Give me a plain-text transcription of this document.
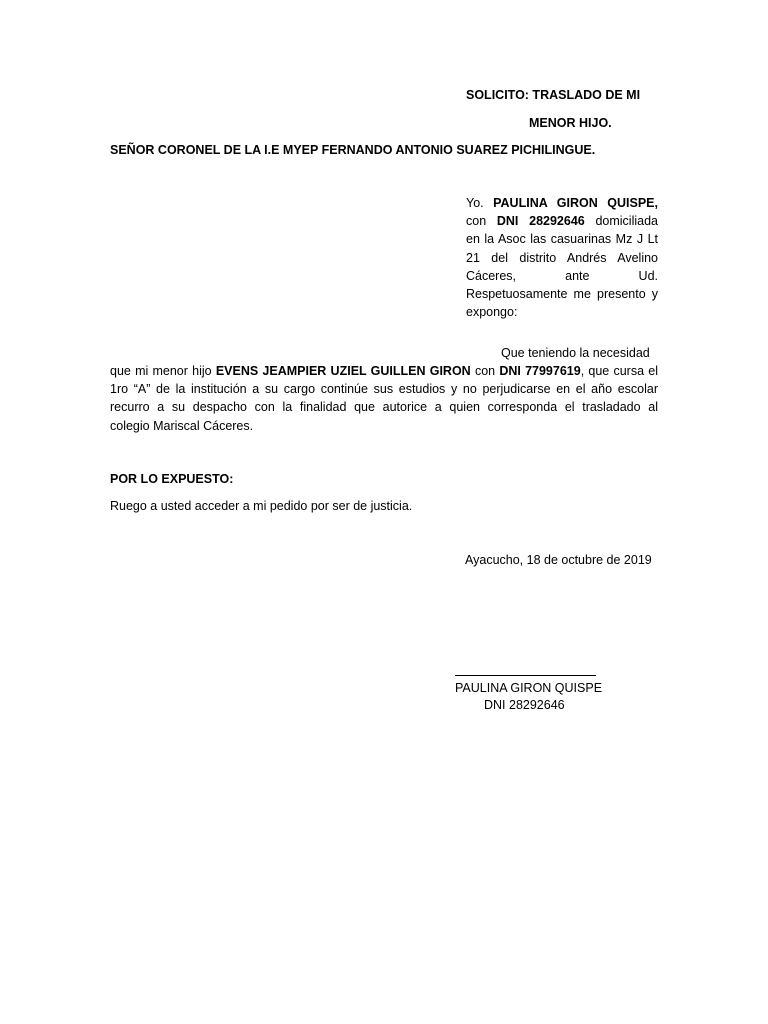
SOLICITO: TRASLADO DE MI
MENOR HIJO.
SEÑOR CORONEL DE LA I.E MYEP FERNANDO ANTONIO SUAREZ PICHILINGUE.
Yo. PAULINA GIRON QUISPE,
con DNI 28292646 domiciliada
en la Asoc las casuarinas Mz J Lt
21 del distrito Andrés Avelino
Cáceres, ante Ud.
Respetuosamente me presento y
expongo:
Que teniendo la necesidad
que mi menor hijo EVENS JEAMPIER UZIEL GUILLEN GIRON con DNI 77997619, que cursa el
1ro “A” de la institución a su cargo continúe sus estudios y no perjudicarse en el año escolar
recurro a su despacho con la finalidad que autorice a quien corresponda el trasladado al
colegio Mariscal Cáceres.
POR LO EXPUESTO:
Ruego a usted acceder a mi pedido por ser de justicia.
Ayacucho, 18 de octubre de 2019
PAULINA GIRON QUISPE
DNI 28292646
